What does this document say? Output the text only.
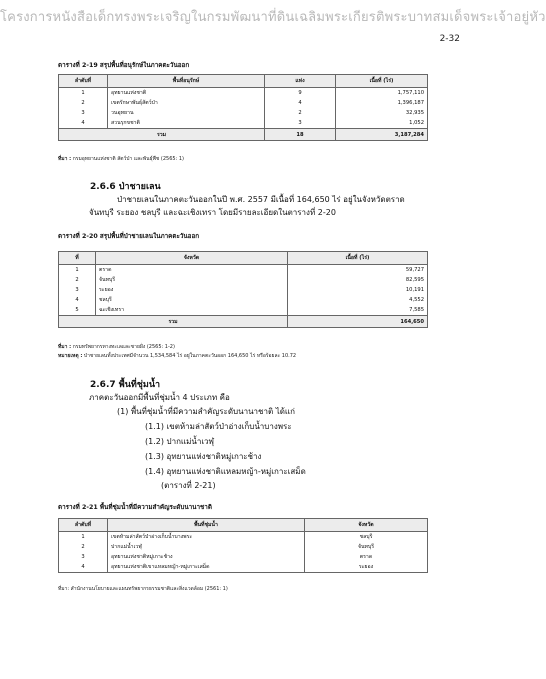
โครงการหนังสือเด็กทรงพระเจริญในกรมพัฒนาที่ดินเฉลิมพระเกียรติพระบาทสมเด็จพระเจ้าอยู่หัว
2-32
ตารางที่ 2-19 สรุปพื้นที่อนุรักษ์ในภาคตะวันออก
ลำดับที่	พื้นที่อนุรักษ์	แห่ง	เนื้อที่ (ไร่)
1	อุทยานแห่งชาติ	9	1,757,110
2	เขตรักษาพันธุ์สัตว์ป่า	4	1,396,187
3	วนอุทยาน	2	32,935
4	สวนรุกขชาติ	3	1,052
รวม		18	3,187,284
ที่มา : กรมอุทยานแห่งชาติ สัตว์ป่า และพันธุ์พืช (2565: 1)
2.6.6 ป่าชายเลน
ป่าชายเลนในภาคตะวันออกในปี พ.ศ. 2557 มีเนื้อที่ 164,650 ไร่ อยู่ในจังหวัดตราด
จันทบุรี ระยอง ชลบุรี และฉะเชิงเทรา โดยมีรายละเอียดในตารางที่ 2-20
ตารางที่ 2-20 สรุปพื้นที่ป่าชายเลนในภาคตะวันออก
ที่	จังหวัด	เนื้อที่ (ไร่)
1	ตราด	59,727
2	จันทบุรี	82,595
3	ระยอง	10,191
4	ชลบุรี	4,552
5	ฉะเชิงเทรา	7,585
รวม		164,650
ที่มา : กรมทรัพยากรทางทะเลและชายฝั่ง (2565: 1-2)
หมายเหตุ : ป่าชายเลนทั้งประเทศมีจำนวน 1,534,584 ไร่ อยู่ในภาคตะวันออก 164,650 ไร่ หรือร้อยละ 10.72
2.6.7 พื้นที่ชุ่มน้ำ
ภาคตะวันออกมีพื้นที่ชุ่มน้ำ 4 ประเภท คือ
(1) พื้นที่ชุ่มน้ำที่มีความสำคัญระดับนานาชาติ ได้แก่
(1.1) เขตห้ามล่าสัตว์ป่าอ่างเก็บน้ำบางพระ
(1.2) ปากแม่น้ำเวฬุ
(1.3) อุทยานแห่งชาติหมู่เกาะช้าง
(1.4) อุทยานแห่งชาติแหลมหญ้า-หมู่เกาะเสม็ด
(ตารางที่ 2-21)
ตารางที่ 2-21 พื้นที่ชุ่มน้ำที่มีความสำคัญระดับนานาชาติ
ลำดับที่	พื้นที่ชุ่มน้ำ	จังหวัด
1	เขตห้ามล่าสัตว์ป่าอ่างเก็บน้ำบางพระ	ชลบุรี
2	ปากแม่น้ำเวฬุ	จันทบุรี
3	อุทยานแห่งชาติหมู่เกาะช้าง	ตราด
4	อุทยานแห่งชาติเขาแหลมหญ้า-หมู่เกาะเสม็ด	ระยอง
ที่มา: สำนักงานนโยบายและแผนทรัพยากรธรรมชาติและสิ่งแวดล้อม (2561: 1)
